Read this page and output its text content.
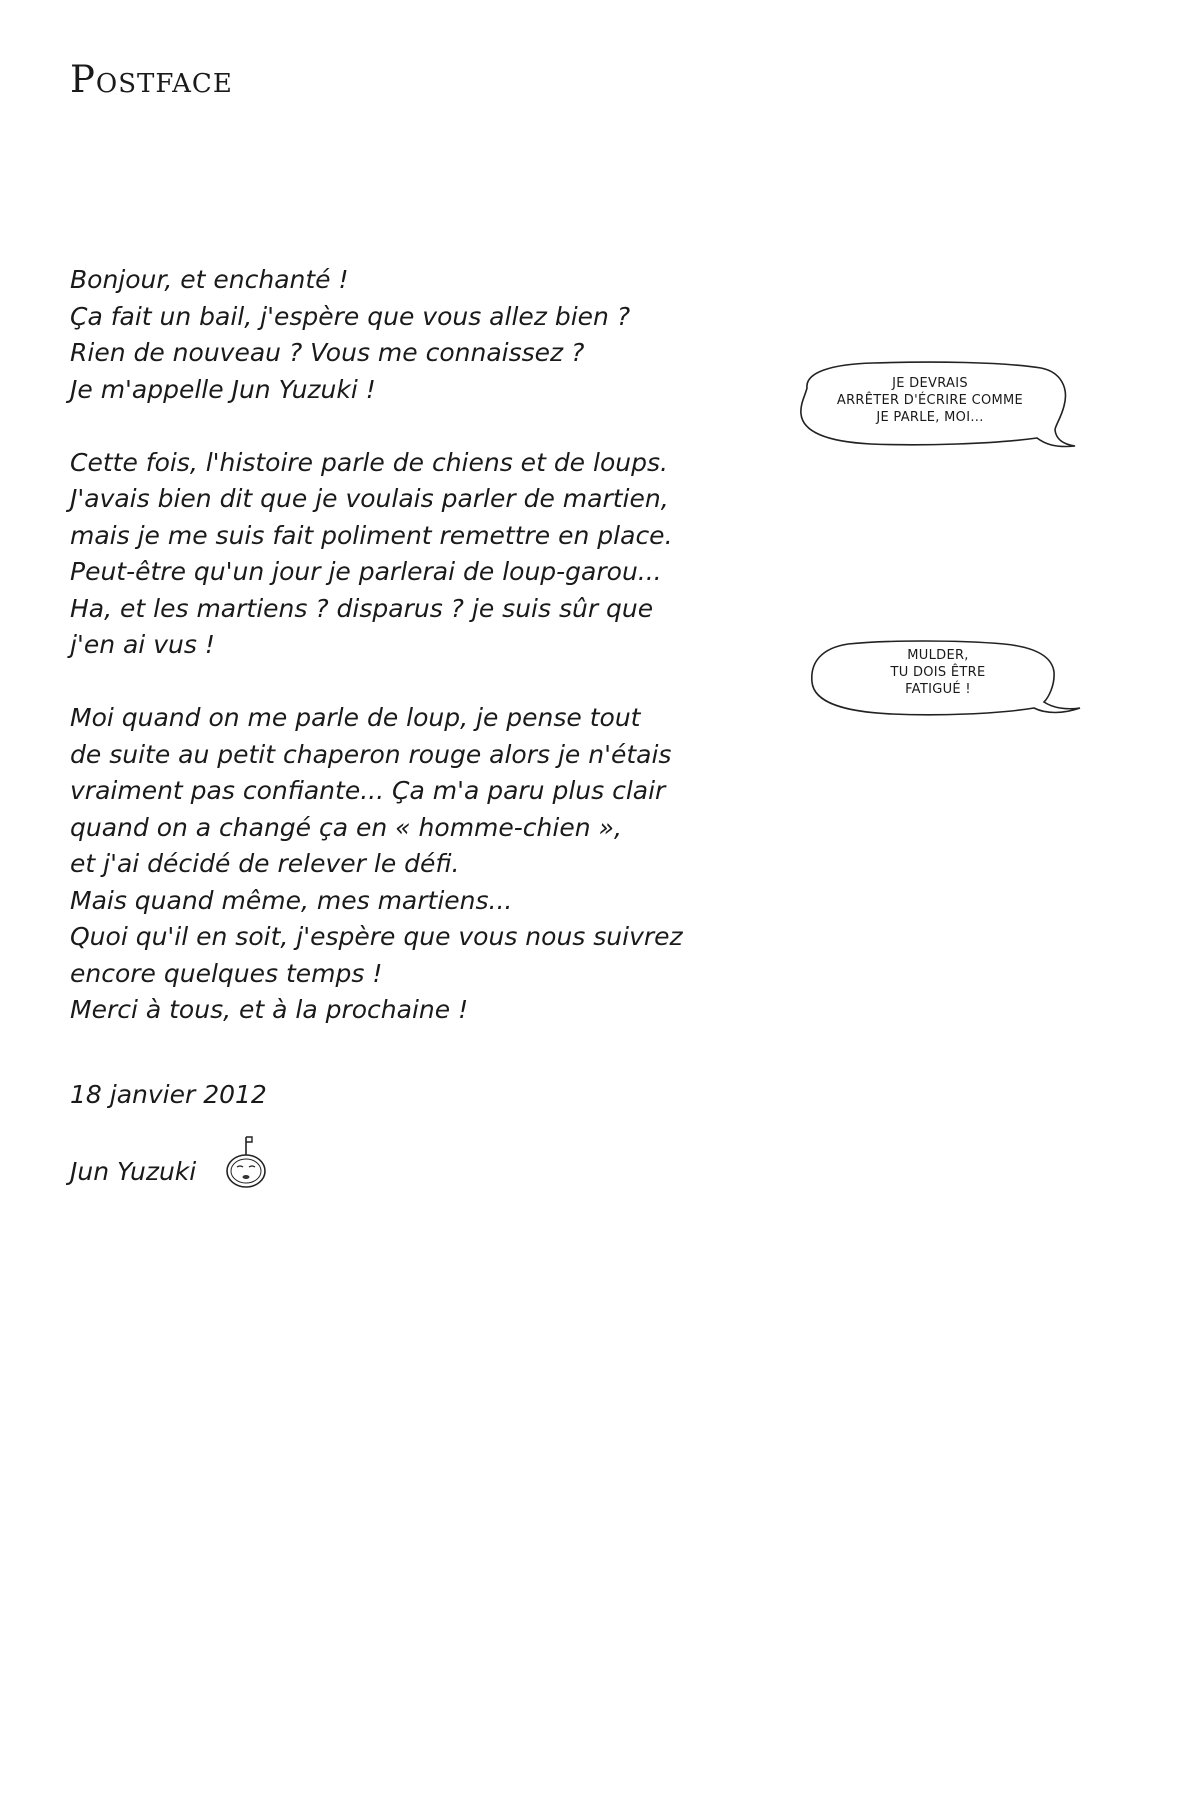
Postface

Bonjour, et enchanté !
Ça fait un bail, j'espère que vous allez bien ?
Rien de nouveau ? Vous me connaissez ?
Je m'appelle Jun Yuzuki !

Cette fois, l'histoire parle de chiens et de loups.
J'avais bien dit que je voulais parler de martien,
mais je me suis fait poliment remettre en place.
Peut-être qu'un jour je parlerai de loup-garou...
Ha, et les martiens ? disparus ? je suis sûr que
j'en ai vus !

Moi quand on me parle de loup, je pense tout
de suite au petit chaperon rouge alors je n'étais
vraiment pas confiante... Ça m'a paru plus clair
quand on a changé ça en « homme-chien »,
et j'ai décidé de relever le défi.
Mais quand même, mes martiens...
Quoi qu'il en soit, j'espère que vous nous suivrez
encore quelques temps !
Merci à tous, et à la prochaine !

18 janvier 2012
Jun Yuzuki
JE DEVRAIS
ARRÊTER D'ÉCRIRE COMME
JE PARLE, MOI...
MULDER,
TU DOIS ÊTRE
FATIGUÉ !
